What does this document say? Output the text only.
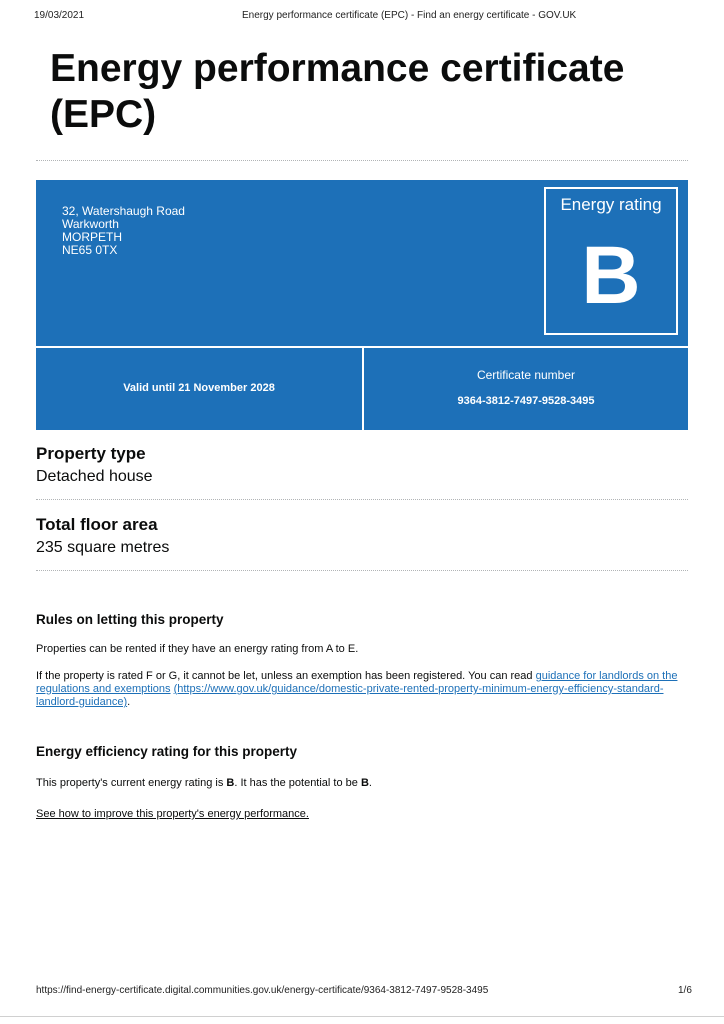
19/03/2021	Energy performance certificate (EPC) - Find an energy certificate - GOV.UK
Energy performance certificate (EPC)
32, Watershaugh Road
Warkworth
MORPETH
NE65 0TX
Energy rating
B
Valid until 21 November 2028
Certificate number
9364-3812-7497-9528-3495
Property type
Detached house
Total floor area
235 square metres
Rules on letting this property
Properties can be rented if they have an energy rating from A to E.
If the property is rated F or G, it cannot be let, unless an exemption has been registered. You can read guidance for landlords on the regulations and exemptions (https://www.gov.uk/guidance/domestic-private-rented-property-minimum-energy-efficiency-standard-landlord-guidance).
Energy efficiency rating for this property
This property's current energy rating is B. It has the potential to be B.
See how to improve this property's energy performance.
https://find-energy-certificate.digital.communities.gov.uk/energy-certificate/9364-3812-7497-9528-3495	1/6
